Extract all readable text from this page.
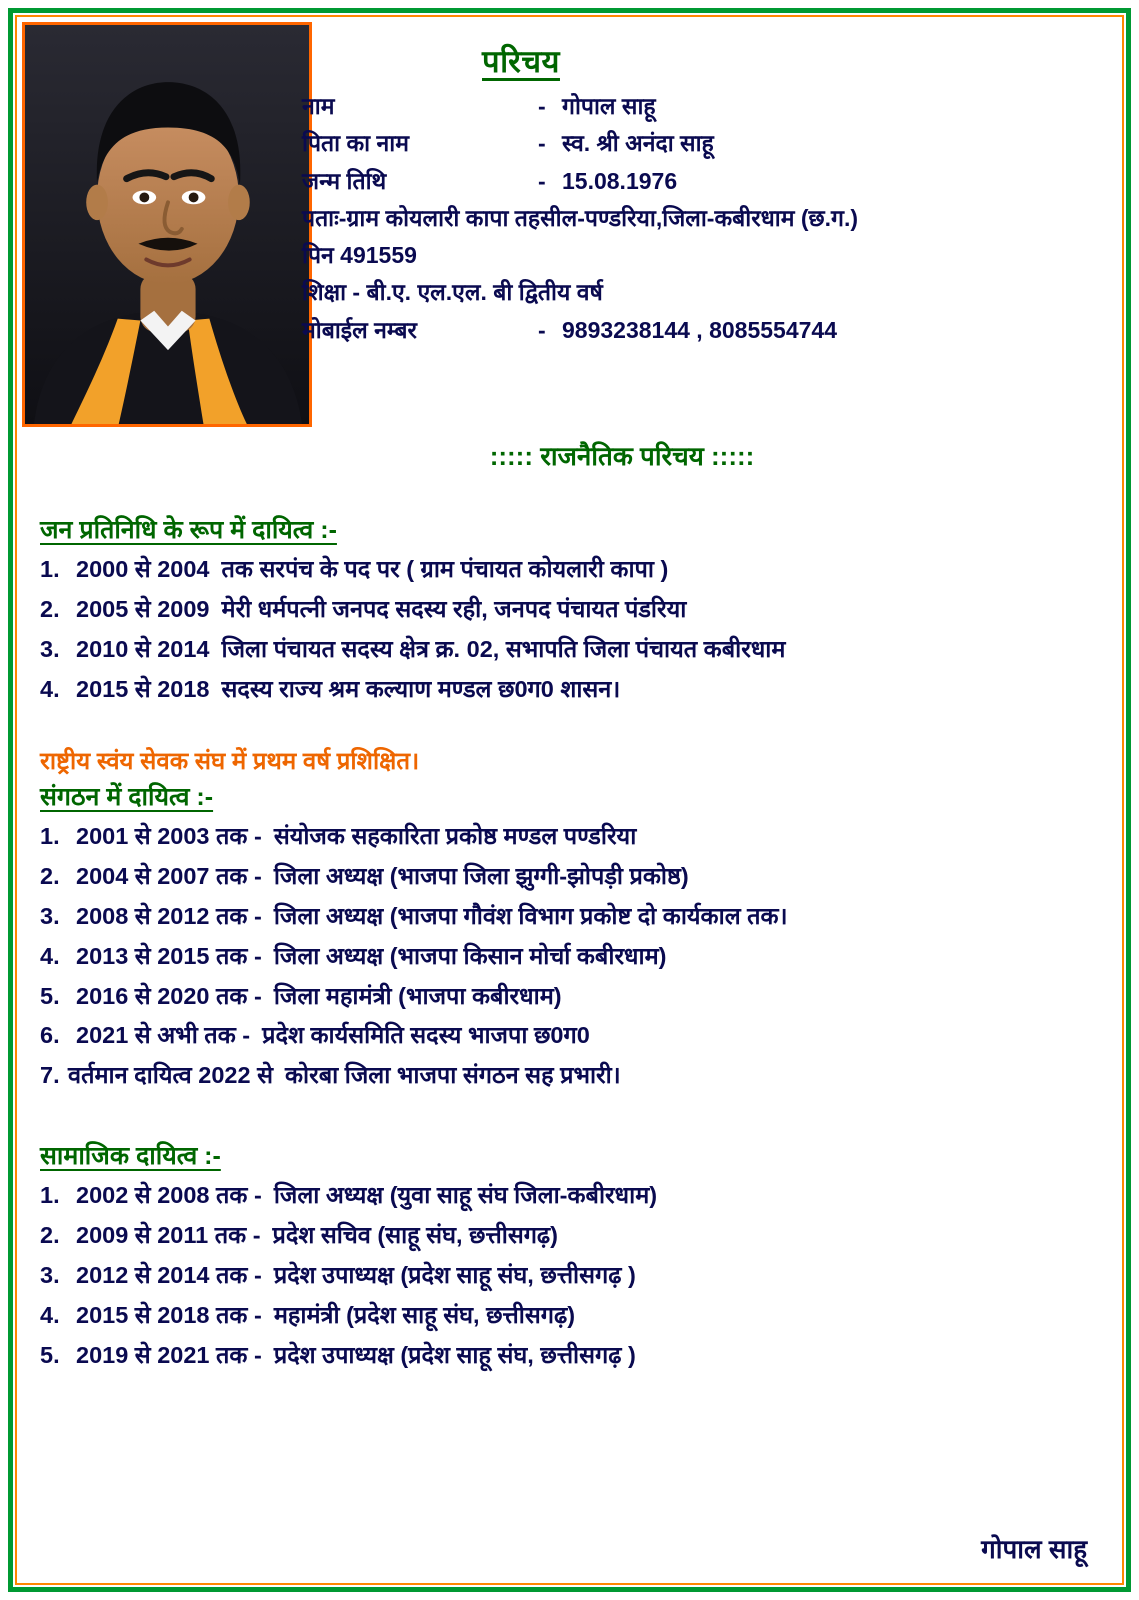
परिचय
नाम	- गोपाल साहू
पिता का नाम	- स्व. श्री अनंदा साहू
जन्म तिथि	- 15.08.1976
पताः-ग्राम कोयलारी कापा तहसील-पण्डरिया,जिला-कबीरधाम (छ.ग.)
पिन 491559
शिक्षा - बी.ए. एल.एल. बी द्वितीय वर्ष
मोबाईल नम्बर	- 9893238144 , 8085554744
::::: राजनैतिक परिचय :::::
जन प्रतिनिधि के रूप में दायित्व :-
1. 2000 से 2004 तक सरपंच के पद पर ( ग्राम पंचायत कोयलारी कापा )
2. 2005 से 2009 मेरी धर्मपत्नी जनपद सदस्य रही, जनपद पंचायत पंडरिया
3. 2010 से 2014 जिला पंचायत सदस्य क्षेत्र क्र. 02, सभापति जिला पंचायत कबीरधाम
4. 2015 से 2018 सदस्य राज्य श्रम कल्याण मण्डल छ0ग0 शासन।
राष्ट्रीय स्वंय सेवक संघ में प्रथम वर्ष प्रशिक्षित।
संगठन में दायित्व :-
1. 2001 से 2003 तक - संयोजक सहकारिता प्रकोष्ठ मण्डल पण्डरिया
2. 2004 से 2007 तक - जिला अध्यक्ष (भाजपा जिला झुग्गी-झोपड़ी प्रकोष्ठ)
3. 2008 से 2012 तक - जिला अध्यक्ष (भाजपा गौवंश विभाग प्रकोष्ट दो कार्यकाल तक।
4. 2013 से 2015 तक - जिला अध्यक्ष (भाजपा किसान मोर्चा कबीरधाम)
5. 2016 से 2020 तक - जिला महामंत्री (भाजपा कबीरधाम)
6. 2021 से अभी तक - प्रदेश कार्यसमिति सदस्य भाजपा छ0ग0
7. वर्तमान दायित्व 2022 से कोरबा जिला भाजपा संगठन सह प्रभारी।
सामाजिक दायित्व :-
1. 2002 से 2008 तक - जिला अध्यक्ष (युवा साहू संघ जिला-कबीरधाम)
2. 2009 से 2011 तक - प्रदेश सचिव (साहू संघ, छत्तीसगढ़)
3. 2012 से 2014 तक - प्रदेश उपाध्यक्ष (प्रदेश साहू संघ, छत्तीसगढ़ )
4. 2015 से 2018 तक - महामंत्री (प्रदेश साहू संघ, छत्तीसगढ़)
5. 2019 से 2021 तक - प्रदेश उपाध्यक्ष (प्रदेश साहू संघ, छत्तीसगढ़ )
गोपाल साहू
